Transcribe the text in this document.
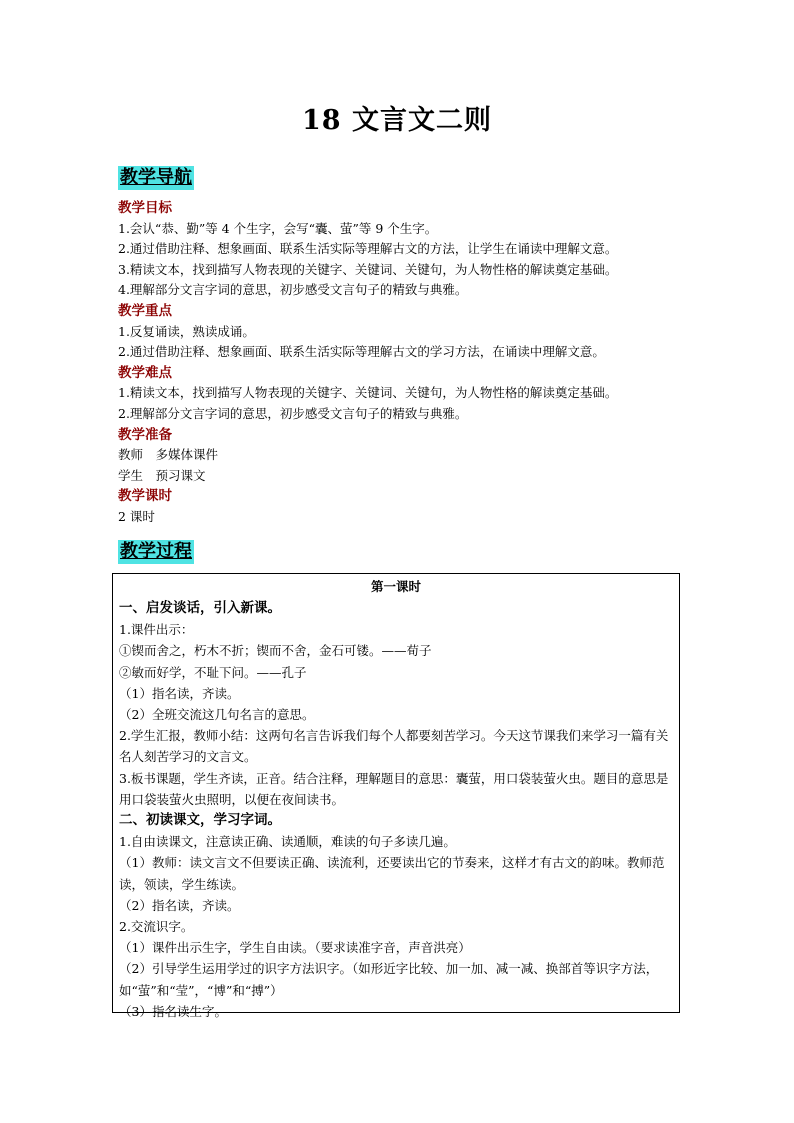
18 文言文二则
教学导航

教学目标

1.会认“恭、勤”等 4 个生字，会写“囊、萤”等 9 个生字。

2.通过借助注释、想象画面、联系生活实际等理解古文的方法，让学生在诵读中理解文意。

3.精读文本，找到描写人物表现的关键字、关键词、关键句，为人物性格的解读奠定基础。

4.理解部分文言字词的意思，初步感受文言句子的精致与典雅。

教学重点

1.反复诵读，熟读成诵。

2.通过借助注释、想象画面、联系生活实际等理解古文的学习方法，在诵读中理解文意。

教学难点

1.精读文本，找到描写人物表现的关键字、关键词、关键句，为人物性格的解读奠定基础。

2.理解部分文言字词的意思，初步感受文言句子的精致与典雅。

教学准备

教师　多媒体课件

学生　预习课文

教学课时

2 课时

教学过程

第一课时

一、启发谈话，引入新课。

1.课件出示：

①锲而舍之，朽木不折；锲而不舍，金石可镂。——荀子

②敏而好学，不耻下问。——孔子

（1）指名读，齐读。

（2）全班交流这几句名言的意思。

2.学生汇报，教师小结：这两句名言告诉我们每个人都要刻苦学习。今天这节课我们来学习一篇有关名人刻苦学习的文言文。

3.板书课题，学生齐读，正音。结合注释，理解题目的意思：囊萤，用口袋装萤火虫。题目的意思是用口袋装萤火虫照明，以便在夜间读书。

二、初读课文，学习字词。

1.自由读课文，注意读正确、读通顺，难读的句子多读几遍。

（1）教师：读文言文不但要读正确、读流利，还要读出它的节奏来，这样才有古文的韵味。教师范读，领读，学生练读。

（2）指名读，齐读。

2.交流识字。

（1）课件出示生字，学生自由读。（要求读准字音，声音洪亮）

（2）引导学生运用学过的识字方法识字。（如形近字比较、加一加、减一减、换部首等识字方法，如“萤”和“莹”，“博”和“搏”）

（3）指名读生字。
